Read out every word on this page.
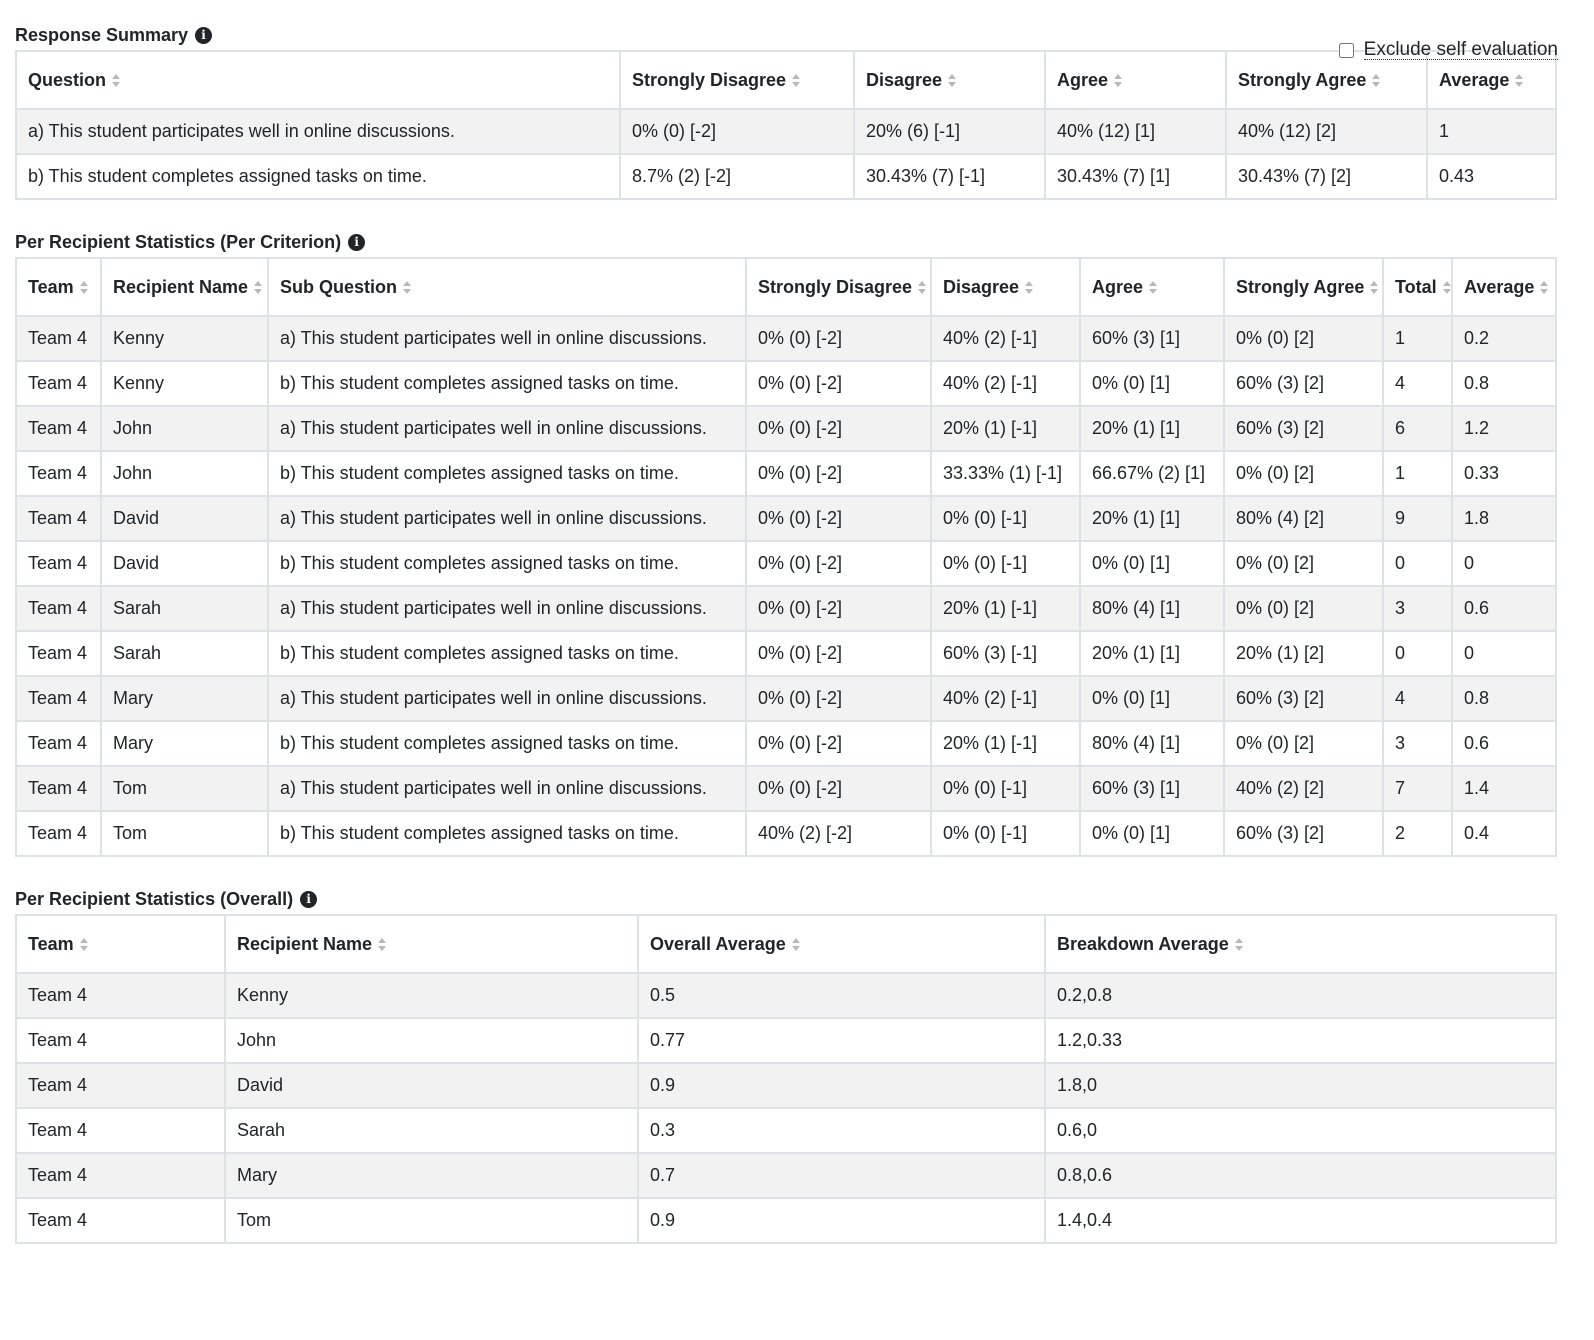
Exclude self evaluation
Response Summary	i
Question	Strongly Disagree	Disagree	Agree	Strongly Agree	Average
a) This student participates well in online discussions.	0% (0) [-2]	20% (6) [-1]	40% (12) [1]	40% (12) [2]	1
b) This student completes assigned tasks on time.	8.7% (2) [-2]	30.43% (7) [-1]	30.43% (7) [1]	30.43% (7) [2]	0.43
Per Recipient Statistics (Per Criterion)	i
Team	Recipient Name	Sub Question	Strongly Disagree	Disagree	Agree	Strongly Agree	Total	Average
Team 4	Kenny	a) This student participates well in online discussions.	0% (0) [-2]	40% (2) [-1]	60% (3) [1]	0% (0) [2]	1	0.2
Team 4	Kenny	b) This student completes assigned tasks on time.	0% (0) [-2]	40% (2) [-1]	0% (0) [1]	60% (3) [2]	4	0.8
Team 4	John	a) This student participates well in online discussions.	0% (0) [-2]	20% (1) [-1]	20% (1) [1]	60% (3) [2]	6	1.2
Team 4	John	b) This student completes assigned tasks on time.	0% (0) [-2]	33.33% (1) [-1]	66.67% (2) [1]	0% (0) [2]	1	0.33
Team 4	David	a) This student participates well in online discussions.	0% (0) [-2]	0% (0) [-1]	20% (1) [1]	80% (4) [2]	9	1.8
Team 4	David	b) This student completes assigned tasks on time.	0% (0) [-2]	0% (0) [-1]	0% (0) [1]	0% (0) [2]	0	0
Team 4	Sarah	a) This student participates well in online discussions.	0% (0) [-2]	20% (1) [-1]	80% (4) [1]	0% (0) [2]	3	0.6
Team 4	Sarah	b) This student completes assigned tasks on time.	0% (0) [-2]	60% (3) [-1]	20% (1) [1]	20% (1) [2]	0	0
Team 4	Mary	a) This student participates well in online discussions.	0% (0) [-2]	40% (2) [-1]	0% (0) [1]	60% (3) [2]	4	0.8
Team 4	Mary	b) This student completes assigned tasks on time.	0% (0) [-2]	20% (1) [-1]	80% (4) [1]	0% (0) [2]	3	0.6
Team 4	Tom	a) This student participates well in online discussions.	0% (0) [-2]	0% (0) [-1]	60% (3) [1]	40% (2) [2]	7	1.4
Team 4	Tom	b) This student completes assigned tasks on time.	40% (2) [-2]	0% (0) [-1]	0% (0) [1]	60% (3) [2]	2	0.4
Per Recipient Statistics (Overall)	i
Team	Recipient Name	Overall Average	Breakdown Average
Team 4	Kenny	0.5	0.2,0.8
Team 4	John	0.77	1.2,0.33
Team 4	David	0.9	1.8,0
Team 4	Sarah	0.3	0.6,0
Team 4	Mary	0.7	0.8,0.6
Team 4	Tom	0.9	1.4,0.4
